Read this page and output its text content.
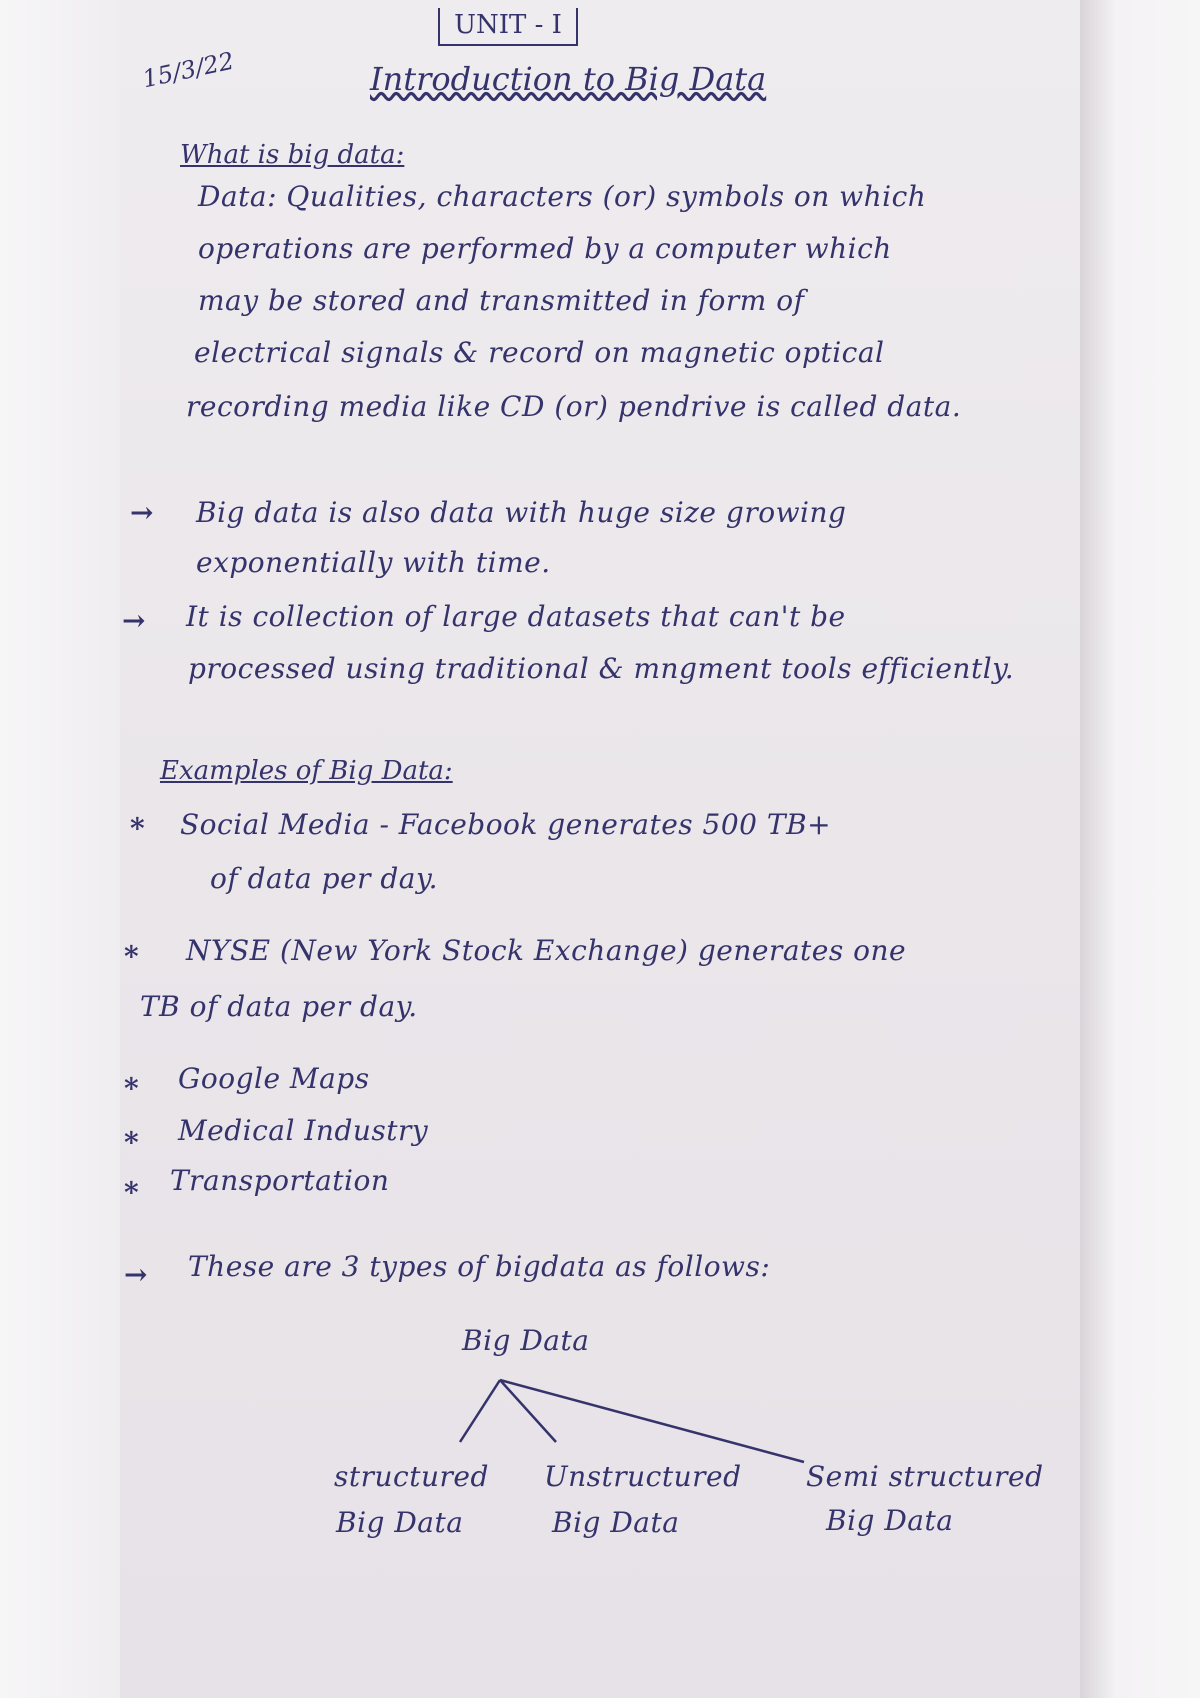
UNIT - I
15/3/22	Introduction to Big Data
What is big data:
Data: Qualities, characters (or) symbols on which
operations are performed by a computer which
may be stored and transmitted in form of
electrical signals & record on magnetic optical
recording media like CD (or) pendrive is called data.
→ Big data is also data with huge size growing
exponentially with time.
→ It is collection of large datasets that can't be
processed using traditional & mngment tools efficiently.
Examples of Big Data:
* Social Media - Facebook generates 500 TB+
of data per day.
* NYSE (New York Stock Exchange) generates one
TB of data per day.
* Google Maps
* Medical Industry
* Transportation
→ These are 3 types of bigdata as follows:
Big Data
structured
Big Data
Unstructured
Big Data
Semi structured
Big Data
